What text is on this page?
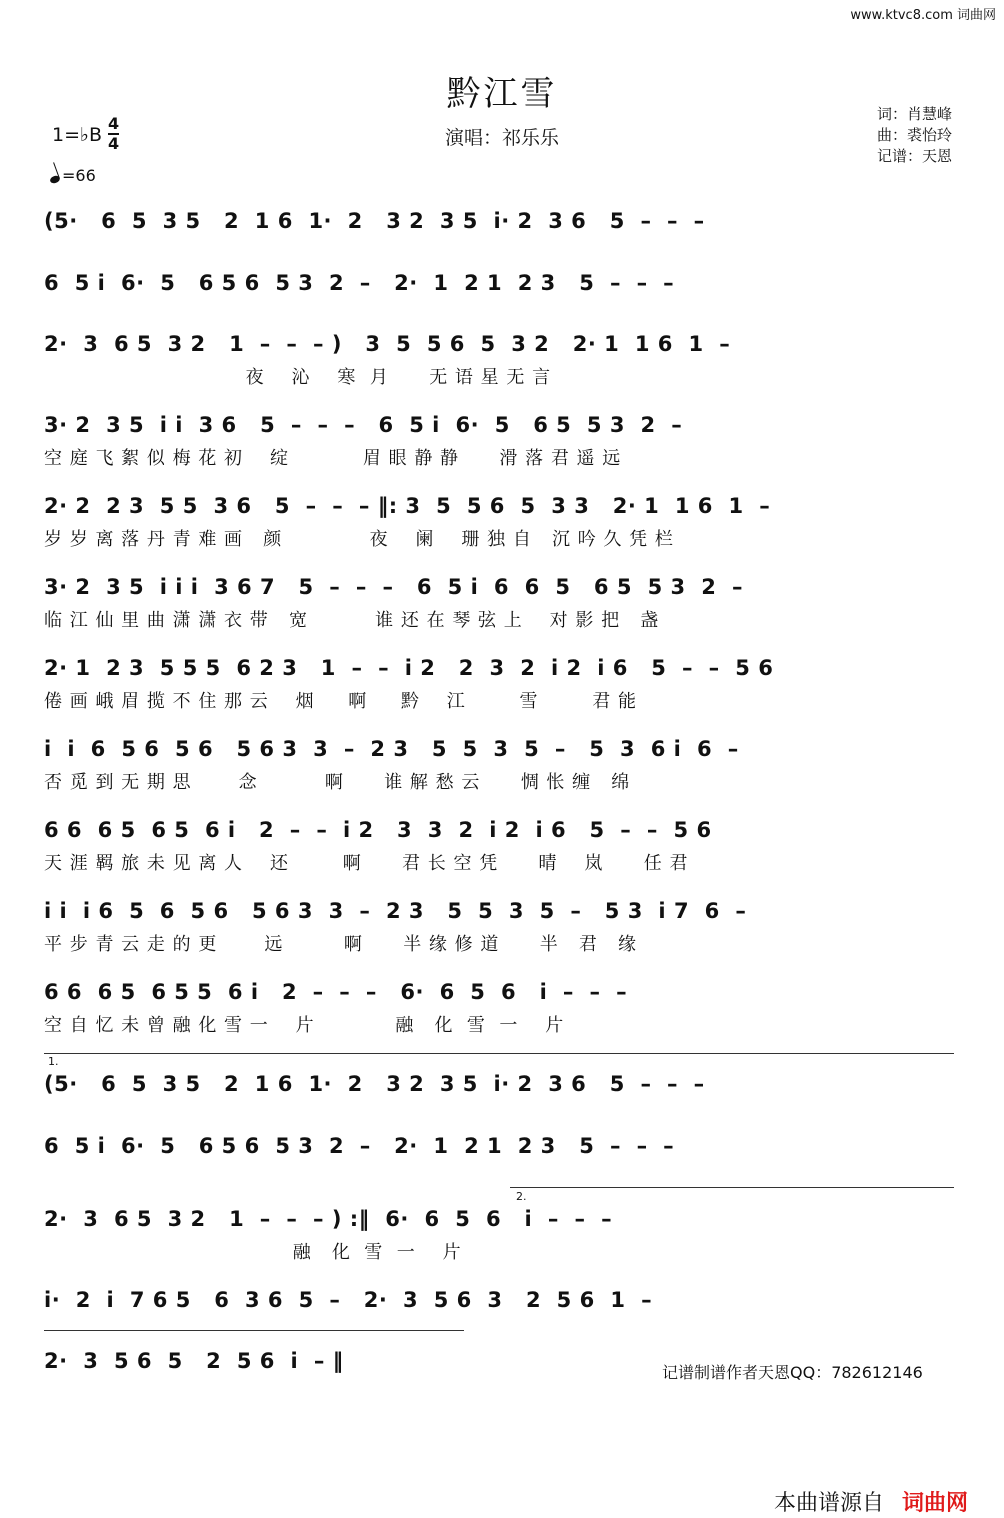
www.ktvc8.com 词曲网
黔江雪
演唱：祁乐乐
词：肖慧峰
曲：裘怡玲
记谱：天恩
1=♭B
4
4
=66
(5·   6  5  3 5   2  1 6  1·  2   3 2  3 5  i· 2  3 6   5  –  –  –
6  5 i  6·  5   6 5 6  5 3  2  –   2·  1  2 1  2 3   5  –  –  –
2·  3  6 5  3 2   1  –  –  – )   3  5  5 6  5  3 2   2· 1  1 6  1  –
夜    沁    寒  月      无 语 星 无 言
3· 2  3 5  i i  3 6   5  –  –  –   6  5 i  6·  5   6 5  5 3  2  –
空 庭 飞 絮 似 梅 花 初    绽           眉 眼 静 静      滑 落 君 遥 远
2· 2  2 3  5 5  3 6   5  –  –  – ‖: 3  5  5 6  5  3 3   2· 1  1 6  1  –
岁 岁 离 落 丹 青 难 画   颜             夜    阑    珊 独 自   沉 吟 久 凭 栏
3· 2  3 5  i i i  3 6 7   5  –  –  –   6  5 i  6  6  5   6 5  5 3  2  –
临 江 仙 里 曲 潇 潇 衣 带   宽          谁 还 在 琴 弦 上    对 影 把   盏
2· 1  2 3  5 5 5  6 2 3   1  –  –  i 2   2  3  2  i 2  i 6   5  –  –  5 6
倦 画 峨 眉 揽 不 住 那 云    烟     啊     黔    江        雪        君 能
i  i  6  5 6  5 6   5 6 3  3  –  2 3   5  5  3  5  –   5  3  6 i  6  –
否 觅 到 无 期 思       念          啊      谁 解 愁 云      惆 怅 缠   绵
6 6  6 5  6 5  6 i   2  –  –  i 2   3  3  2  i 2  i 6   5  –  –  5 6
天 涯 羁 旅 未 见 离 人    还        啊      君 长 空 凭      晴    岚      任 君
i i  i 6  5  6  5 6   5 6 3  3  –  2 3   5  5  3  5  –   5 3  i 7  6  –
平 步 青 云 走 的 更       远         啊      半 缘 修 道      半   君   缘
6 6  6 5  6 5 5  6 i   2  –  –  –   6·  6  5  6   i  –  –  –
空 自 忆 未 曾 融 化 雪 一    片            融   化  雪  一    片
(5·   6  5  3 5   2  1 6  1·  2   3 2  3 5  i· 2  3 6   5  –  –  –
6  5 i  6·  5   6 5 6  5 3  2  –   2·  1  2 1  2 3   5  –  –  –
2·  3  6 5  3 2   1  –  –  – ) :‖  6·  6  5  6   i  –  –  –
融   化  雪  一    片
i·  2  i  7 6 5   6  3 6  5  –   2·  3  5 6  3   2  5 6  1  –
2·  3  5 6  5   2  5 6  i  – ‖
1.
2.
记谱制谱作者天恩QQ：782612146
本曲谱源自 词曲网
